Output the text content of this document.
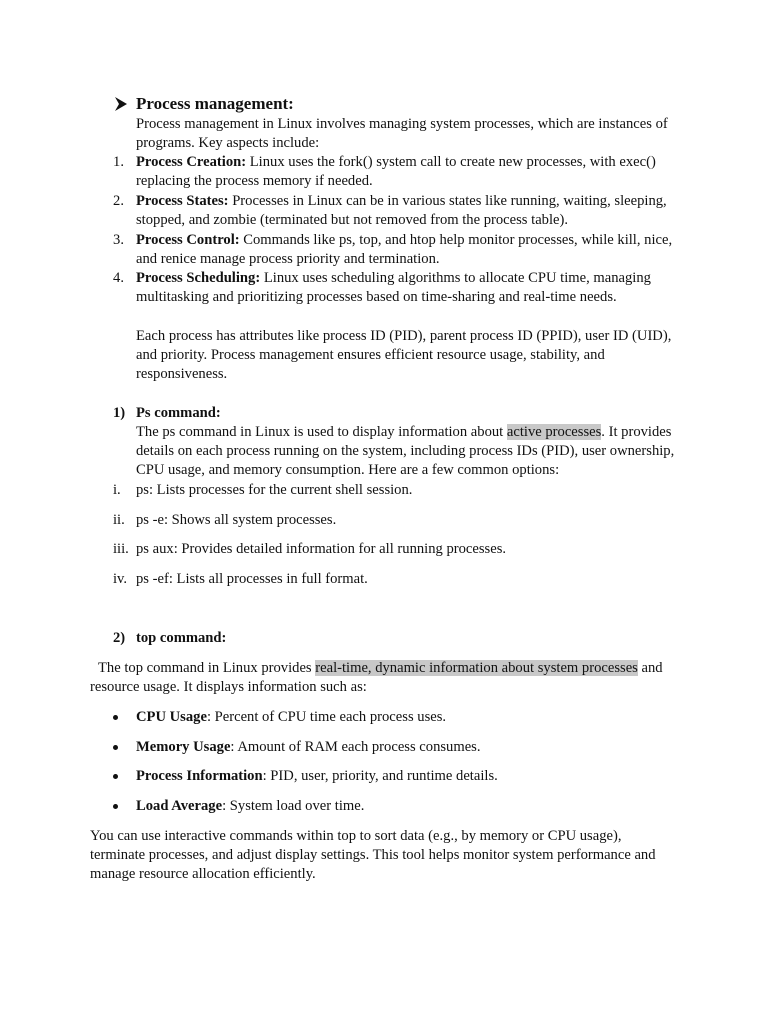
Process management:

Process management in Linux involves managing system processes, which are instances of programs. Key aspects include:

1. Process Creation: Linux uses the fork() system call to create new processes, with exec() replacing the process memory if needed.
2. Process States: Processes in Linux can be in various states like running, waiting, sleeping, stopped, and zombie (terminated but not removed from the process table).
3. Process Control: Commands like ps, top, and htop help monitor processes, while kill, nice, and renice manage process priority and termination.
4. Process Scheduling: Linux uses scheduling algorithms to allocate CPU time, managing multitasking and prioritizing processes based on time-sharing and real-time needs.

Each process has attributes like process ID (PID), parent process ID (PPID), user ID (UID), and priority. Process management ensures efficient resource usage, stability, and responsiveness.

1) Ps command:

The ps command in Linux is used to display information about active processes. It provides details on each process running on the system, including process IDs (PID), user ownership, CPU usage, and memory consumption. Here are a few common options:

i. ps: Lists processes for the current shell session.
ii. ps -e: Shows all system processes.
iii. ps aux: Provides detailed information for all running processes.
iv. ps -ef: Lists all processes in full format.
2) top command:

The top command in Linux provides real-time, dynamic information about system processes and resource usage. It displays information such as:

CPU Usage: Percent of CPU time each process uses.
Memory Usage: Amount of RAM each process consumes.
Process Information: PID, user, priority, and runtime details.
Load Average: System load over time.

You can use interactive commands within top to sort data (e.g., by memory or CPU usage), terminate processes, and adjust display settings. This tool helps monitor system performance and manage resource allocation efficiently.
